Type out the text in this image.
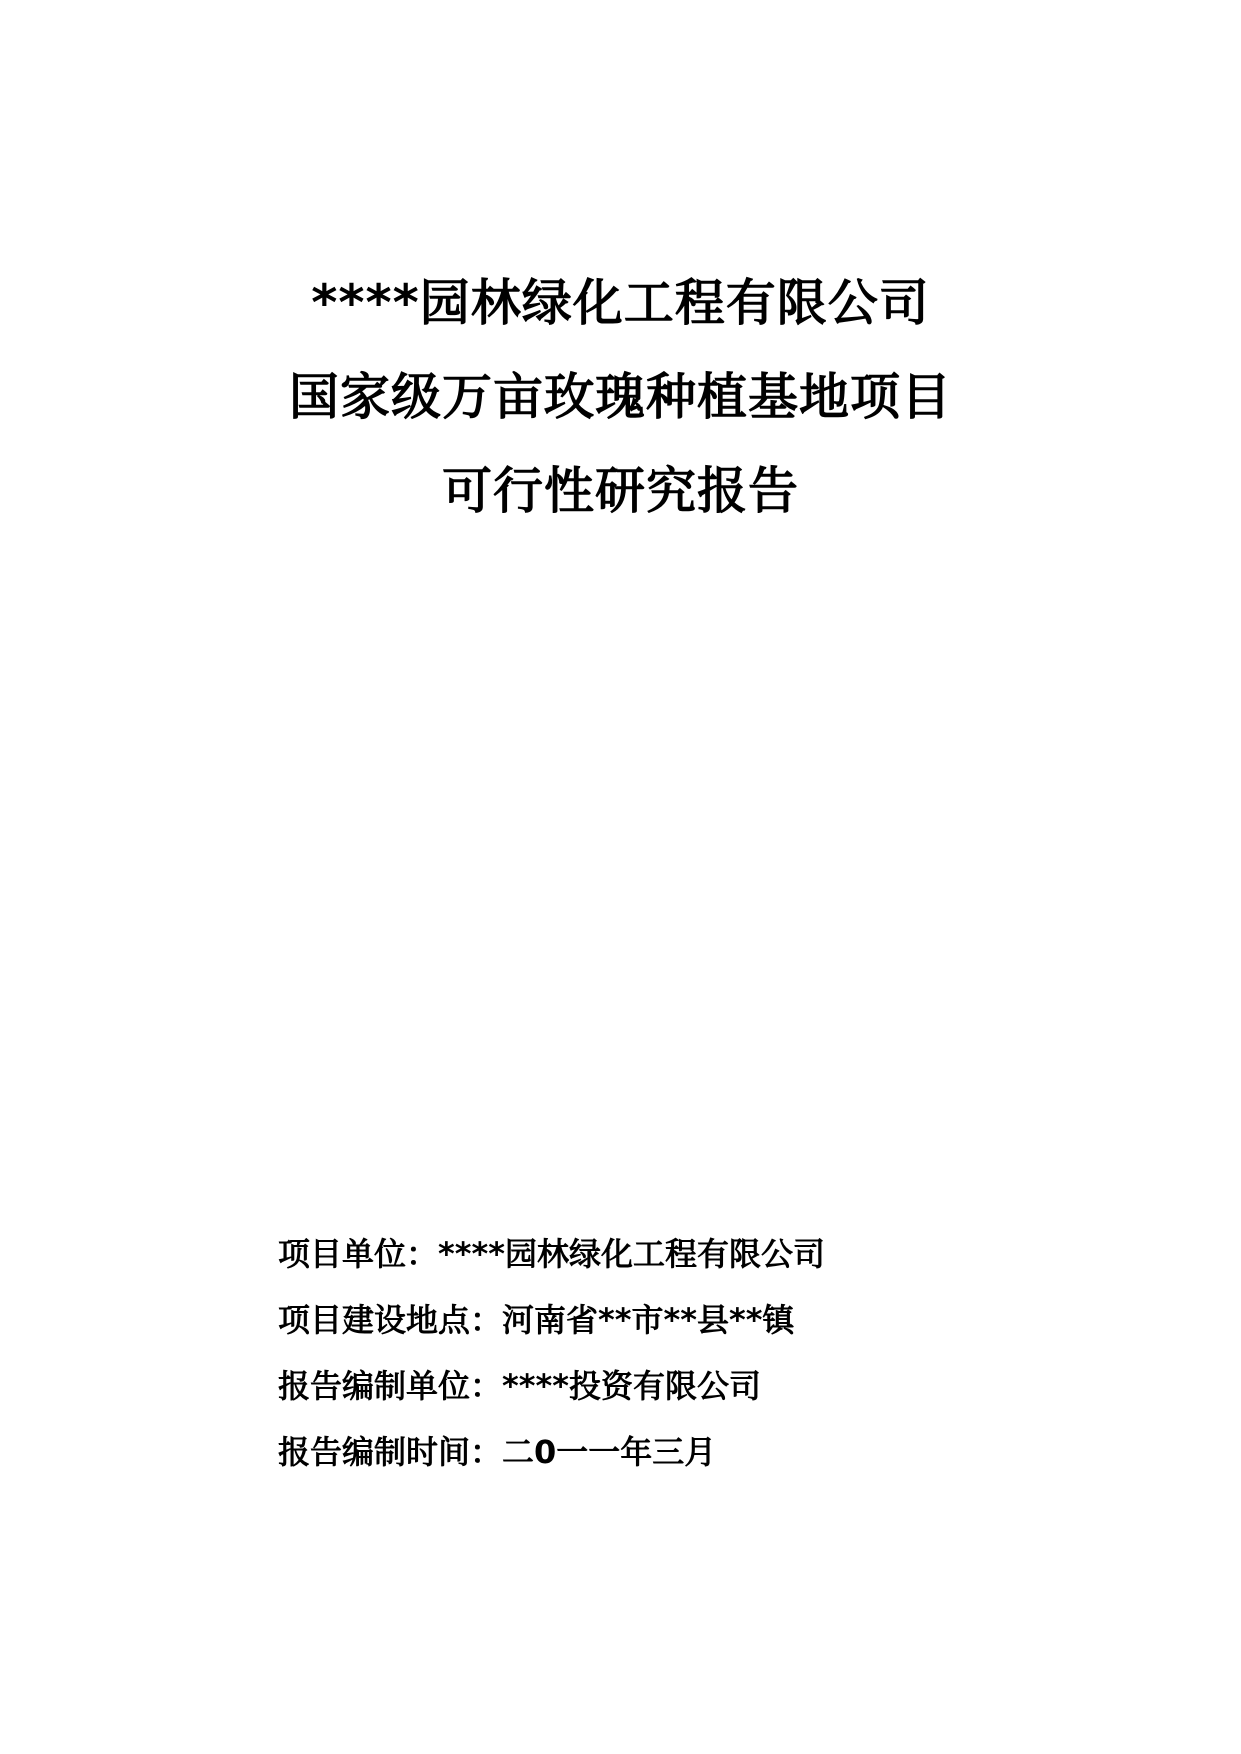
****园林绿化工程有限公司
国家级万亩玫瑰种植基地项目
可行性研究报告
项目单位：****园林绿化工程有限公司
项目建设地点：河南省**市**县**镇
报告编制单位：****投资有限公司
报告编制时间：二0一一年三月
